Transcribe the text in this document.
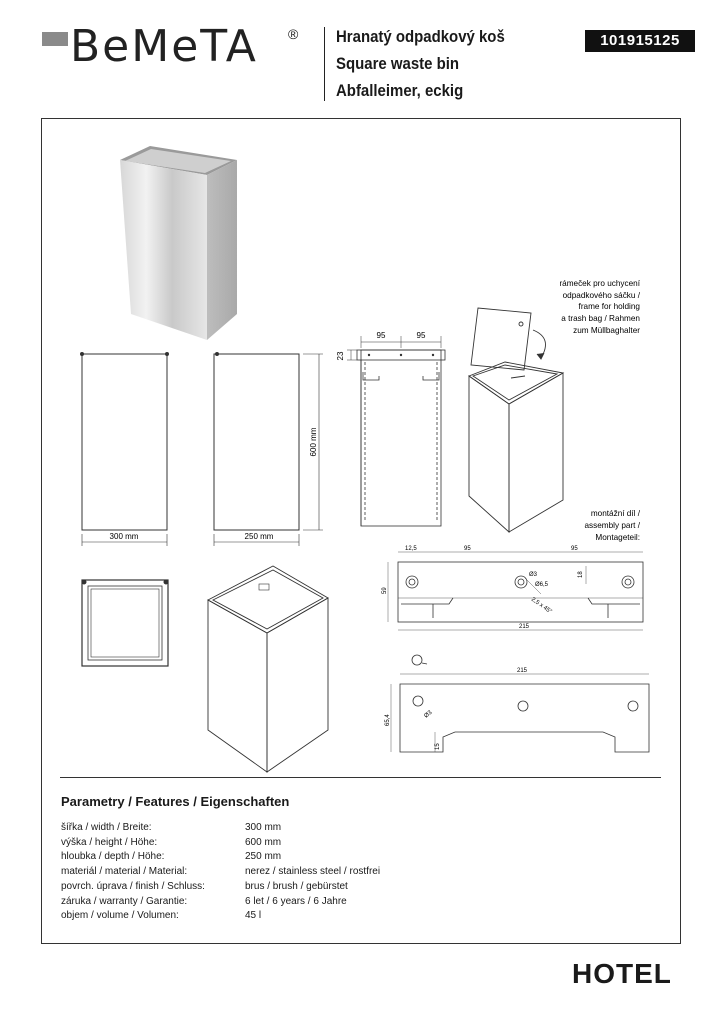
BeMeTA ® Hranatý odpadkový koš
Square waste bin
Abfalleimer, eckig
101915125
300 mm	250 mm
600 mm
95	95
23
rámeček pro uchycení
odpadkového sáčku /
frame for holding
a trash bag / Rahmen
zum Müllbaghalter
montážní díl /
assembly part /
Montageteil:
12,5	95	95
59
18
215
Ø3
Ø6,5
2,5 x 45°
215
65,4
15
Ø3
Parametry / Features / Eigenschaften
šířka / width / Breite:	300 mm
výška / height / Höhe:	600 mm
hloubka / depth / Höhe:	250 mm
materiál / material / Material:	nerez / stainless steel / rostfrei
povrch. úprava / finish / Schluss:	brus / brush / gebürstet
záruka / warranty / Garantie:	6 let / 6 years / 6 Jahre
objem / volume / Volumen:	45 l
HOTEL
